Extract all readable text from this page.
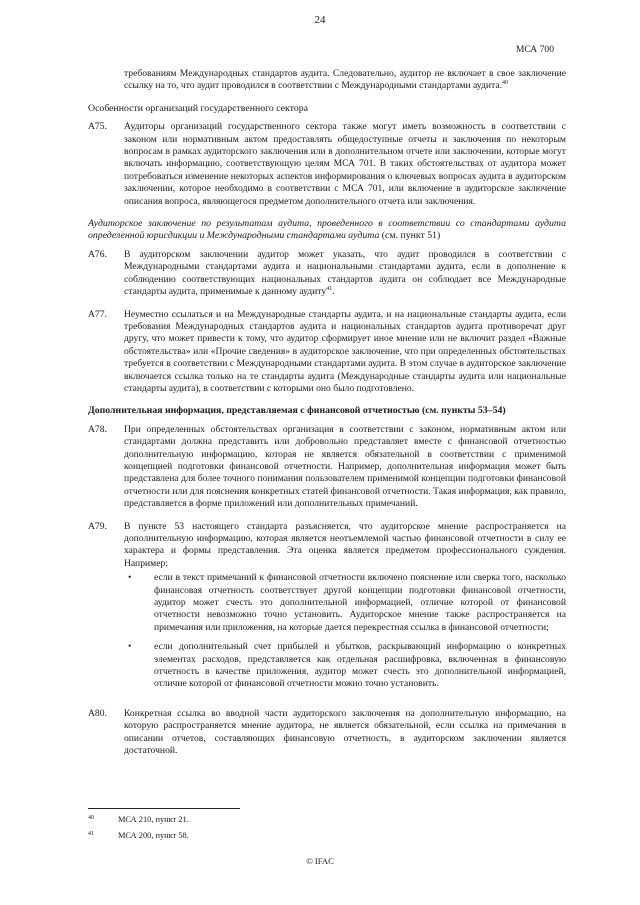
24
МСА 700

требованиям Международных стандартов аудита. Следовательно, аудитор не включает в свое заключение ссылку на то, что аудит проводился в соответствии с Международными стандартами аудита.$^{40}$

Особенности организаций государственного сектора

A75.	Аудиторы организаций государственного сектора также могут иметь возможность в соответствии с законом или нормативным актом предоставлять общедоступные отчеты и заключения по некоторым вопросам в рамках аудиторского заключения или в дополнительном отчете или заключении, которые могут включать информацию, соответствующую целям МСА 701. В таких обстоятельствах от аудитора может потребоваться изменение некоторых аспектов информирования о ключевых вопросах аудита в аудиторском заключении, которое необходимо в соответствии с МСА 701, или включение в аудиторское заключение описания вопроса, являющегося предметом дополнительного отчета или заключения.

Аудиторское заключение по результатам аудита, проведенного в соответствии со стандартами аудита определенной юрисдикции и Международными стандартами аудита (см. пункт 51)

A76.	В аудиторском заключении аудитор может указать, что аудит проводился в соответствии с Международными стандартами аудита и национальными стандартами аудита, если в дополнение к соблюдению соответствующих национальных стандартов аудита он соблюдает все Международные стандарты аудита, применимые к данному аудиту$^{41}$.

A77.	Неуместно ссылаться и на Международные стандарты аудита, и на национальные стандарты аудита, если требования Международных стандартов аудита и национальных стандартов аудита противоречат друг другу, что может привести к тому, что аудитор сформирует иное мнение или не включит раздел «Важные обстоятельства» или «Прочие сведения» в аудиторское заключение, что при определенных обстоятельствах требуется в соответствии с Международными стандартами аудита. В этом случае в аудиторское заключение включается ссылка только на те стандарты аудита (Международные стандарты аудита или национальные стандарты аудита), в соответствии с которыми оно было подготовлено.

Дополнительная информация, представляемая с финансовой отчетностью (см. пункты 53–54)

A78.	При определенных обстоятельствах организация в соответствии с законом, нормативным актом или стандартами должна представить или добровольно представляет вместе с финансовой отчетностью дополнительную информацию, которая не является обязательной в соответствии с применимой концепцией подготовки финансовой отчетности. Например, дополнительная информация может быть представлена для более точного понимания пользователем применимой концепции подготовки финансовой отчетности или для пояснения конкретных статей финансовой отчетности. Такая информация, как правило, представляется в форме приложений или дополнительных примечаний.

A79.	В пункте 53 настоящего стандарта разъясняется, что аудиторское мнение распространяется на дополнительную информацию, которая является неотъемлемой частью финансовой отчетности в силу ее характера и формы представления. Эта оценка является предметом профессионального суждения. Например:

•	если в текст примечаний к финансовой отчетности включено пояснение или сверка того, насколько финансовая отчетность соответствует другой концепции подготовки финансовой отчетности, аудитор может счесть это дополнительной информацией, отличие которой от финансовой отчетности невозможно точно установить. Аудиторское мнение также распространяется на примечания или приложения, на которые дается перекрестная ссылка в финансовой отчетности;
•	если дополнительный счет прибылей и убытков, раскрывающий информацию о конкретных элементах расходов, представляется как отдельная расшифровка, включенная в финансовую отчетность в качестве приложения, аудитор может счесть это дополнительной информацией, отличие которой от финансовой отчетности можно точно установить.
A80.	Конкретная ссылка во вводной части аудиторского заключения на дополнительную информацию, на которую распространяется мнение аудитора, не является обязательной, если ссылка на примечания в описании отчетов, составляющих финансовую отчетность, в аудиторском заключении является достаточной.

40	МСА 210, пункт 21.
41	МСА 200, пункт 58.
© IFAC
